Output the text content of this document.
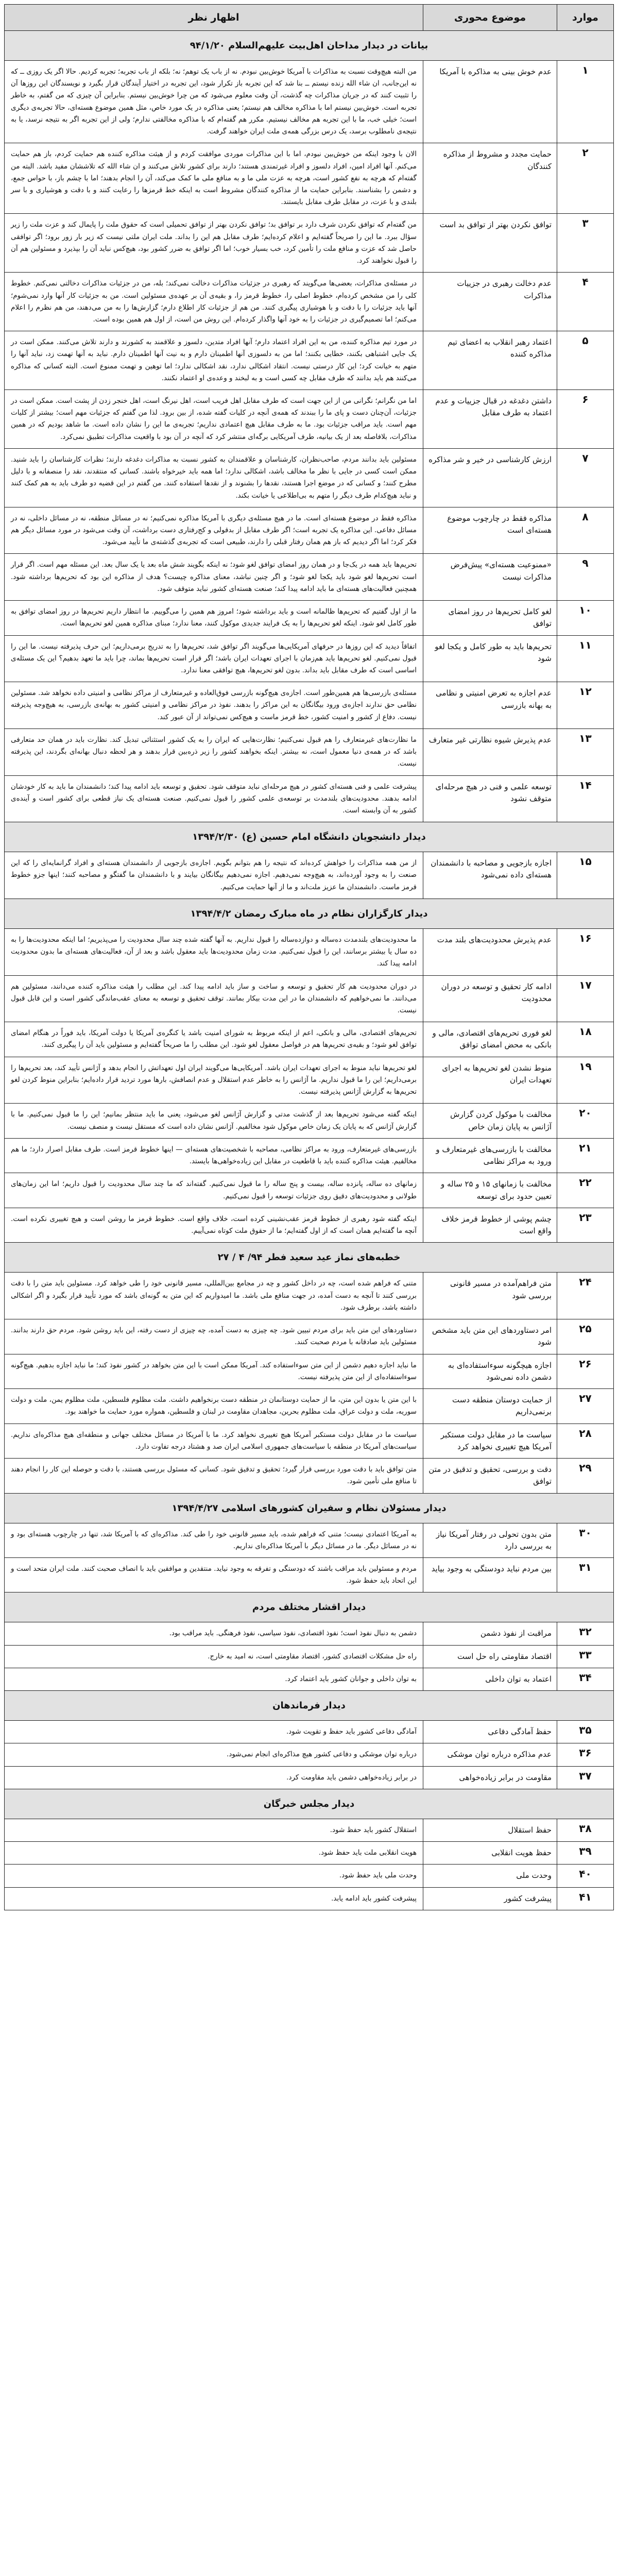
موارد	موضوع محوری	اظهار نظر
بیانات در دیدار مداحان اهل‌بیت علیهم‌السلام ۹۴/۱/۲۰		
۱	عدم خوش بینی به مذاکره با آمریکا	من البته هیچ‌وقت نسبت به مذاکرات با آمریکا خوش‌بین نبودم. نه از باب یک توهم؛ نه؛ بلکه از باب تجربه؛ تجربه کردیم. حالا اگر یک روزی ــ که نه این‌جانب، ان شاء الله زنده نیستم ــ بنا شد که این تجربه باز تکرار شود، این تجربه در اختیار آیندگان قرار بگیرد و نویسندگان این روزها آن را تثبیت کنند که در جریان مذاکرات چه گذشت، آن وقت معلوم می‌شود که من چرا خوش‌بین نیستم. بنابراین آن چیزی که من گفتم، به خاطر تجربه است. خوش‌بین نیستم اما با مذاکره مخالف هم نیستم؛ یعنی مذاکره در یک مورد خاص، مثل همین موضوع هسته‌ای، حالا تجربه‌ی دیگری است؛ خیلی خب، ما با این تجربه هم مخالف نیستیم. مکرر هم گفته‌ام که با مذاکره مخالفتی ندارم؛ ولی از این تجربه اگر به نتیجه نرسد، یا به نتیجه‌ی نامطلوب برسد، یک درس بزرگی همه‌ی ملت ایران خواهند گرفت.
۲	حمایت مجدد و مشروط از مذاکره کنندگان	الان با وجود اینکه من خوش‌بین نبودم، اما با این مذاکرات موردی موافقت کردم و از هیئت مذاکره کننده هم حمایت کردم، باز هم حمایت می‌کنم. آنها افراد امین، افراد دلسوز و افراد غیرتمندی هستند؛ دارند برای کشور تلاش می‌کنند و ان شاء الله که تلاششان مفید باشد. البته من گفته‌ام که هرچه به نفع کشور است، هرچه به عزت ملی ما و به منافع ملی ما کمک می‌کند، آن را انجام بدهند؛ اما با چشم باز، با حواس جمع، و دشمن را بشناسند. بنابراین حمایت ما از مذاکره کنندگان مشروط است به اینکه خط قرمزها را رعایت کنند و با دقت و هوشیاری و با سر بلندی و با عزت، در مقابل طرف مقابل بایستند.
۳	توافق نکردن بهتر از توافق بد است	من گفته‌ام که توافق نکردن شرف دارد بر توافق بد؛ توافق نکردن بهتر از توافق تحمیلی است که حقوق ملت را پایمال کند و عزت ملت را زیر سؤال ببرد. ما این را صریحاً گفته‌ایم و اعلام کرده‌ایم؛ طرف مقابل هم این را بداند. ملت ایران ملتی نیست که زیر بار زور برود؛ اگر توافقی حاصل شد که عزت و منافع ملت را تأمین کرد، خب بسیار خوب؛ اما اگر توافق به ضرر کشور بود، هیچ‌کس نباید آن را بپذیرد و مسئولین هم آن را قبول نخواهند کرد.
۴	عدم دخالت رهبری در جزییات مذاکرات	در مسئله‌ی مذاکرات، بعضی‌ها می‌گویند که رهبری در جزئیات مذاکرات دخالت نمی‌کند؛ بله، من در جزئیات مذاکرات دخالتی نمی‌کنم. خطوط کلی را من مشخص کرده‌ام، خطوط اصلی را، خطوط قرمز را، و بقیه‌ی آن بر عهده‌ی مسئولین است. من به جزئیات کار آنها وارد نمی‌شوم؛ آنها باید جزئیات را با دقت و با هوشیاری پیگیری کنند. من هم از جزئیات کار اطلاع دارم؛ گزارش‌ها را به من می‌دهند، من هم نظرم را اعلام می‌کنم؛ اما تصمیم‌گیری در جزئیات را به خود آنها واگذار کرده‌ام. این روش من است، از اول هم همین بوده است.
۵	اعتماد رهبر انقلاب به اعضای تیم مذاکره کننده	در مورد تیم مذاکره کننده، من به این افراد اعتماد دارم؛ آنها افراد متدین، دلسوز و علاقمند به کشورند و دارند تلاش می‌کنند. ممکن است در یک جایی اشتباهی بکنند، خطایی بکنند؛ اما من به دلسوزی آنها اطمینان دارم و به نیت آنها اطمینان دارم. نباید به آنها تهمت زد، نباید آنها را متهم به خیانت کرد؛ این کار درستی نیست. انتقاد اشکالی ندارد، نقد اشکالی ندارد؛ اما توهین و تهمت ممنوع است. البته کسانی که مذاکره می‌کنند هم باید بدانند که طرف مقابل چه کسی است و به لبخند و وعده‌ی او اعتماد نکنند.
۶	داشتن دغدغه در قبال جزییات و عدم اعتماد به طرف مقابل	اما من نگرانم؛ نگرانی من از این جهت است که طرف مقابل اهل فریب است، اهل نیرنگ است، اهل خنجر زدن از پشت است. ممکن است در جزئیات، آن‌چنان دست و پای ما را ببندند که همه‌ی آنچه در کلیات گفته شده، از بین برود. لذا من گفتم که جزئیات مهم است؛ بیشتر از کلیات مهم است. باید مراقب جزئیات بود. ما به طرف مقابل هیچ اعتمادی نداریم؛ تجربه‌ی ما این را نشان داده است. ما شاهد بودیم که در همین مذاکرات، بلافاصله بعد از یک بیانیه، طرف آمریکایی برگه‌ای منتشر کرد که آنچه در آن بود با واقعیت مذاکرات تطبیق نمی‌کرد.
۷	ارزش کارشناسی در خیر و شر مذاکره	مسئولین باید بدانند مردم، صاحب‌نظران، کارشناسان و علاقمندان به کشور نسبت به مذاکرات دغدغه دارند؛ نظرات کارشناسان را باید شنید. ممکن است کسی در جایی با نظر ما مخالف باشد، اشکالی ندارد؛ اما همه باید خیرخواه باشند. کسانی که منتقدند، نقد را منصفانه و با دلیل مطرح کنند؛ و کسانی که در موضع اجرا هستند، نقدها را بشنوند و از نقدها استفاده کنند. من گفتم در این قضیه دو طرف باید به هم کمک کنند و نباید هیچ‌کدام طرف دیگر را متهم به بی‌اطلاعی یا خیانت بکند.
۸	مذاکره فقط در چارچوب موضوع هسته‌ای است	مذاکره فقط در موضوع هسته‌ای است. ما در هیچ مسئله‌ی دیگری با آمریکا مذاکره نمی‌کنیم؛ نه در مسائل منطقه، نه در مسائل داخلی، نه در مسائل دفاعی. این مذاکره یک تجربه است؛ اگر طرف مقابل از بدقولی و کج‌رفتاری دست برداشت، آن وقت می‌شود در مورد مسائل دیگر هم فکر کرد؛ اما اگر دیدیم که باز هم همان رفتار قبلی را دارند، طبیعی است که تجربه‌ی گذشته‌ی ما تأیید می‌شود.
۹	«ممنوعیت هسته‌ای» پیش‌فرض مذاکرات نیست	تحریم‌ها باید همه در یک‌جا و در همان روز امضای توافق لغو شود؛ نه اینکه بگویند شش ماه بعد یا یک سال بعد. این مسئله مهم است. اگر قرار است تحریم‌ها لغو شود باید یکجا لغو شود؛ و اگر چنین نباشد، معنای مذاکره چیست؟ هدف از مذاکره این بود که تحریم‌ها برداشته شود. همچنین فعالیت‌های هسته‌ای ما باید ادامه پیدا کند؛ صنعت هسته‌ای کشور نباید متوقف شود.
۱۰	لغو کامل تحریم‌ها در روز امضای توافق	ما از اول گفتیم که تحریم‌ها ظالمانه است و باید برداشته شود؛ امروز هم همین را می‌گوییم. ما انتظار داریم تحریم‌ها در روز امضای توافق به طور کامل لغو شود. اینکه لغو تحریم‌ها را به یک فرایند جدیدی موکول کنند، معنا ندارد؛ مبنای مذاکره همین لغو تحریم‌ها است.
۱۱	تحریم‌ها باید به طور کامل و یکجا لغو شود	اتفاقاً دیدید که این روزها در حرفهای آمریکایی‌ها می‌گویند اگر توافق شد، تحریم‌ها را به تدریج برمی‌داریم؛ این حرف پذیرفته نیست. ما این را قبول نمی‌کنیم. لغو تحریم‌ها باید هم‌زمان با اجرای تعهدات ایران باشد؛ اگر قرار است تحریم‌ها بماند، چرا باید ما تعهد بدهیم؟ این یک مسئله‌ی اساسی است که طرف مقابل باید بداند. بدون لغو تحریم‌ها، هیچ توافقی معنا ندارد.
۱۲	عدم اجازه به تعرض امنیتی و نظامی به بهانه بازرسی	مسئله‌ی بازرسی‌ها هم همین‌طور است. اجازه‌ی هیچ‌گونه بازرسی فوق‌العاده و غیرمتعارف از مراکز نظامی و امنیتی داده نخواهد شد. مسئولین نظامی حق ندارند اجازه‌ی ورود بیگانگان به این مراکز را بدهند. نفوذ در مراکز نظامی و امنیتی کشور به بهانه‌ی بازرسی، به هیچ‌وجه پذیرفته نیست. دفاع از کشور و امنیت کشور، خط قرمز ماست و هیچ‌کس نمی‌تواند از آن عبور کند.
۱۳	عدم پذیرش شیوه نظارتی غیر متعارف	ما نظارت‌های غیرمتعارف را هم قبول نمی‌کنیم؛ نظارت‌هایی که ایران را به یک کشور استثنائی تبدیل کند. نظارت باید در همان حد متعارفی باشد که در همه‌ی دنیا معمول است، نه بیشتر. اینکه بخواهند کشور را زیر ذره‌بین قرار بدهند و هر لحظه دنبال بهانه‌ای بگردند، این پذیرفته نیست.
۱۴	توسعه علمی و فنی در هیچ مرحله‌ای متوقف نشود	پیشرفت علمی و فنی هسته‌ای کشور در هیچ مرحله‌ای نباید متوقف شود. تحقیق و توسعه باید ادامه پیدا کند؛ دانشمندان ما باید به کار خودشان ادامه بدهند. محدودیت‌های بلندمدت بر توسعه‌ی علمی کشور را قبول نمی‌کنیم. صنعت هسته‌ای یک نیاز قطعی برای کشور است و آینده‌ی کشور به آن وابسته است.
دیدار دانشجویان دانشگاه امام حسین (ع) ۱۳۹۴/۲/۳۰		
۱۵	اجازه بازجویی و مصاحبه با دانشمندان هسته‌ای داده نمی‌شود	از من همه مذاکرات را خواهش کرده‌اند که نتیجه را هم بتوانم بگویم. اجازه‌ی بازجویی از دانشمندان هسته‌ای و افراد گرانمایه‌ای را که این صنعت را به وجود آورده‌اند، به هیچ‌وجه نمی‌دهیم. اجازه نمی‌دهیم بیگانگان بیایند و با دانشمندان ما گفتگو و مصاحبه کنند؛ اینها جزو خطوط قرمز ماست. دانشمندان ما عزیز ملت‌اند و ما از آنها حمایت می‌کنیم.
دیدار کارگزاران نظام در ماه مبارک رمضان ۱۳۹۴/۴/۲		
۱۶	عدم پذیرش محدودیت‌های بلند مدت	ما محدودیت‌های بلندمدت ده‌ساله و دوازده‌ساله را قبول نداریم. به آنها گفته شده چند سال محدودیت را می‌پذیریم؛ اما اینکه محدودیت‌ها را به ده سال یا بیشتر برسانند، این را قبول نمی‌کنیم. مدت زمان محدودیت‌ها باید معقول باشد و بعد از آن، فعالیت‌های هسته‌ای ما بدون محدودیت ادامه پیدا کند.
۱۷	ادامه کار تحقیق و توسعه در دوران محدودیت	در دوران محدودیت هم کار تحقیق و توسعه و ساخت و ساز باید ادامه پیدا کند. این مطلب را هیئت مذاکره کننده می‌دانند، مسئولین هم می‌دانند. ما نمی‌خواهیم که دانشمندان ما در این مدت بیکار بمانند. توقف تحقیق و توسعه به معنای عقب‌ماندگی کشور است و این قابل قبول نیست.
۱۸	لغو فوری تحریم‌های اقتصادی، مالی و بانکی به محض امضای توافق	تحریم‌های اقتصادی، مالی و بانکی، اعم از اینکه مربوط به شورای امنیت باشد یا کنگره‌ی آمریکا یا دولت آمریکا، باید فوراً در هنگام امضای توافق لغو شود؛ و بقیه‌ی تحریم‌ها هم در فواصل معقول لغو شود. این مطلب را ما صریحاً گفته‌ایم و مسئولین باید آن را پیگیری کنند.
۱۹	منوط نشدن لغو تحریم‌ها به اجرای تعهدات ایران	لغو تحریم‌ها نباید منوط به اجرای تعهدات ایران باشد. آمریکایی‌ها می‌گویند ایران اول تعهداتش را انجام بدهد و آژانس تأیید کند، بعد تحریم‌ها را برمی‌داریم؛ این را ما قبول نداریم. ما آژانس را به خاطر عدم استقلال و عدم انصافش، بارها مورد تردید قرار داده‌ایم؛ بنابراین منوط کردن لغو تحریم‌ها به گزارش آژانس پذیرفته نیست.
۲۰	مخالفت با موکول کردن گزارش آژانس به پایان زمان خاص	اینکه گفته می‌شود تحریم‌ها بعد از گذشت مدتی و گزارش آژانس لغو می‌شود، یعنی ما باید منتظر بمانیم؛ این را ما قبول نمی‌کنیم. ما با گزارش آژانس که به پایان یک زمان خاص موکول شود مخالفیم. آژانس نشان داده است که مستقل نیست و منصف نیست.
۲۱	مخالفت با بازرسی‌های غیرمتعارف و ورود به مراکز نظامی	بازرسی‌های غیرمتعارف، ورود به مراکز نظامی، مصاحبه با شخصیت‌های هسته‌ای — اینها خطوط قرمز است. طرف مقابل اصرار دارد؛ ما هم مخالفیم. هیئت مذاکره کننده باید با قاطعیت در مقابل این زیاده‌خواهی‌ها بایستد.
۲۲	مخالفت با زمانهای ۱۵ و ۲۵ ساله و تعیین حدود برای توسعه	زمانهای ده ساله، پانزده ساله، بیست و پنج ساله را ما قبول نمی‌کنیم. گفته‌اند که ما چند سال محدودیت را قبول داریم؛ اما این زمان‌های طولانی و محدودیت‌های دقیق روی جزئیات توسعه را قبول نمی‌کنیم.
۲۳	چشم پوشی از خطوط قرمز خلاف واقع است	اینکه گفته شود رهبری از خطوط قرمز عقب‌نشینی کرده است، خلاف واقع است. خطوط قرمز ما روشن است و هیچ تغییری نکرده است. آنچه ما گفته‌ایم همان است که از اول گفته‌ایم؛ ما از حقوق ملت کوتاه نمی‌آییم.
خطبه‌های نماز عید سعید فطر ۹۴/ ۴ / ۲۷		
۲۴	متن فراهم‌آمده در مسیر قانونی بررسی شود	متنی که فراهم شده است، چه در داخل کشور و چه در مجامع بین‌المللی، مسیر قانونی خود را طی خواهد کرد. مسئولین باید متن را با دقت بررسی کنند تا آنچه به دست آمده، در جهت منافع ملی باشد. ما امیدواریم که این متن به گونه‌ای باشد که مورد تأیید قرار بگیرد و اگر اشکالی داشته باشد، برطرف شود.
۲۵	امر دستاوردهای این متن باید مشخص شود	دستاوردهای این متن باید برای مردم تبیین شود. چه چیزی به دست آمده، چه چیزی از دست رفته، این باید روشن شود. مردم حق دارند بدانند. مسئولین باید صادقانه با مردم صحبت کنند.
۲۶	اجازه هیچگونه سوءاستفاده‌ای به دشمن داده نمی‌شود	ما نباید اجازه دهیم دشمن از این متن سوءاستفاده کند. آمریکا ممکن است با این متن بخواهد در کشور نفوذ کند؛ ما نباید اجازه بدهیم. هیچ‌گونه سوءاستفاده‌ای از این متن پذیرفته نیست.
۲۷	از حمایت دوستان منطقه دست برنمی‌داریم	با این متن یا بدون این متن، ما از حمایت دوستانمان در منطقه دست برنخواهیم داشت. ملت مظلوم فلسطین، ملت مظلوم یمن، ملت و دولت سوریه، ملت و دولت عراق، ملت مظلوم بحرین، مجاهدان مقاومت در لبنان و فلسطین، همواره مورد حمایت ما خواهند بود.
۲۸	سیاست ما در مقابل دولت مستکبر آمریکا هیچ تغییری نخواهد کرد	سیاست ما در مقابل دولت مستکبر آمریکا هیچ تغییری نخواهد کرد. ما با آمریکا در مسائل مختلف جهانی و منطقه‌ای هیچ مذاکره‌ای نداریم. سیاست‌های آمریکا در منطقه با سیاست‌های جمهوری اسلامی ایران صد و هشتاد درجه تفاوت دارد.
۲۹	دقت و بررسی، تحقیق و تدقیق در متن توافق	متن توافق باید با دقت مورد بررسی قرار گیرد؛ تحقیق و تدقیق شود. کسانی که مسئول بررسی هستند، با دقت و حوصله این کار را انجام دهند تا منافع ملی تأمین شود.
دیدار مسئولان نظام و سفیران کشورهای اسلامی ۱۳۹۴/۴/۲۷		
۳۰	متن بدون تحولی در رفتار آمریکا نیاز به بررسی دارد	به آمریکا اعتمادی نیست؛ متنی که فراهم شده، باید مسیر قانونی خود را طی کند. مذاکره‌ای که با آمریکا شد، تنها در چارچوب هسته‌ای بود و نه در مسائل دیگر. ما در مسائل دیگر با آمریکا مذاکره‌ای نداریم.
۳۱	بین مردم نباید دودستگی به وجود بیاید	مردم و مسئولین باید مراقب باشند که دودستگی و تفرقه به وجود نیاید. منتقدین و موافقین باید با انصاف صحبت کنند. ملت ایران متحد است و این اتحاد باید حفظ شود.
دیدار اقشار مختلف مردم		
۳۲	مراقبت از نفوذ دشمن	دشمن به دنبال نفوذ است؛ نفوذ اقتصادی، نفوذ سیاسی، نفوذ فرهنگی. باید مراقب بود.
۳۳	اقتصاد مقاومتی راه حل است	راه حل مشکلات اقتصادی کشور، اقتصاد مقاومتی است، نه امید به خارج.
۳۴	اعتماد به توان داخلی	به توان داخلی و جوانان کشور باید اعتماد کرد.
دیدار فرماندهان		
۳۵	حفظ آمادگی دفاعی	آمادگی دفاعی کشور باید حفظ و تقویت شود.
۳۶	عدم مذاکره درباره توان موشکی	درباره توان موشکی و دفاعی کشور هیچ مذاکره‌ای انجام نمی‌شود.
۳۷	مقاومت در برابر زیاده‌خواهی	در برابر زیاده‌خواهی دشمن باید مقاومت کرد.
دیدار مجلس خبرگان		
۳۸	حفظ استقلال	استقلال کشور باید حفظ شود.
۳۹	حفظ هویت انقلابی	هویت انقلابی ملت باید حفظ شود.
۴۰	وحدت ملی	وحدت ملی باید حفظ شود.
۴۱	پیشرفت کشور	پیشرفت کشور باید ادامه یابد.
